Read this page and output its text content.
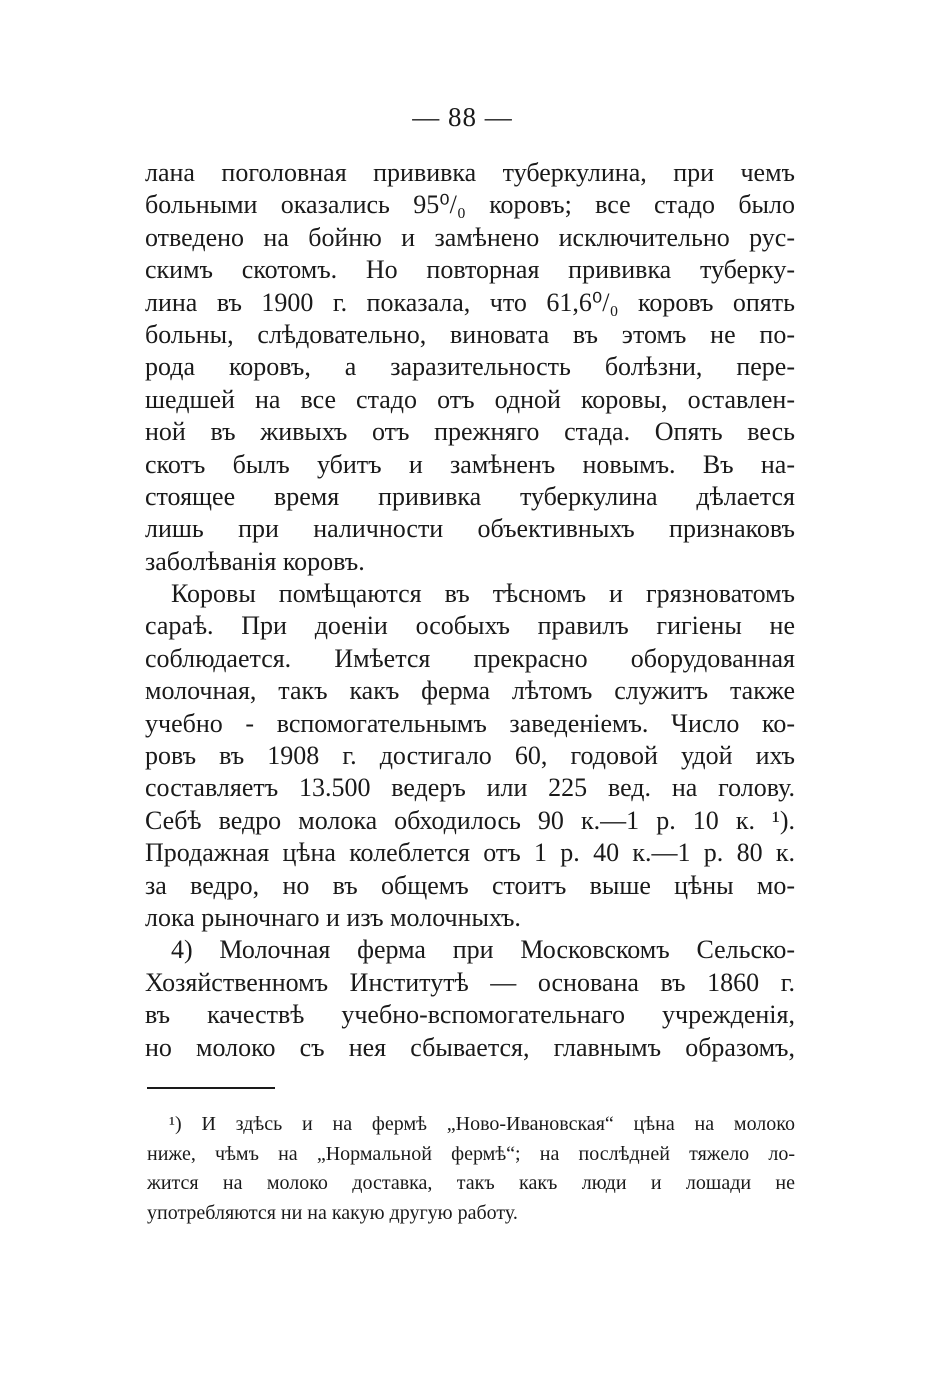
— 88 —
лана поголовная прививка туберкулина, при чемъ
больными оказались 95⁰/₀ коровъ; все стадо было
отведено на бойню и замѣнено исключительно рус-
скимъ скотомъ. Но повторная прививка туберку-
лина въ 1900 г. показала, что 61,6⁰/₀ коровъ опять
больны, слѣдовательно, виновата въ этомъ не по-
рода коровъ, а заразительность болѣзни, пере-
шедшей на все стадо отъ одной коровы, оставлен-
ной въ живыхъ отъ прежняго стада. Опять весь
скотъ былъ убитъ и замѣненъ новымъ. Въ на-
стоящее время прививка туберкулина дѣлается
лишь при наличности объективныхъ признаковъ
заболѣванія коровъ.
Коровы помѣщаются въ тѣсномъ и грязноватомъ
сараѣ. При доеніи особыхъ правилъ гигіены не
соблюдается. Имѣется прекрасно оборудованная
молочная, такъ какъ ферма лѣтомъ служитъ также
учебно - вспомогательнымъ заведеніемъ. Число ко-
ровъ въ 1908 г. достигало 60, годовой удой ихъ
составляетъ 13.500 ведеръ или 225 вед. на голову.
Себѣ ведро молока обходилось 90 к.—1 р. 10 к. ¹).
Продажная цѣна колеблется отъ 1 р. 40 к.—1 р. 80 к.
за ведро, но въ общемъ стоитъ выше цѣны мо-
лока рыночнаго и изъ молочныхъ.
4) Молочная ферма при Московскомъ Сельско-
Хозяйственномъ Институтѣ — основана въ 1860 г.
въ качествѣ учебно-вспомогательнаго учрежденія,
но молоко съ нея сбывается, главнымъ образомъ,
¹) И здѣсь и на фермѣ „Ново-Ивановская“ цѣна на молоко
ниже, чѣмъ на „Нормальной фермѣ“; на послѣдней тяжело ло-
жится на молоко доставка, такъ какъ люди и лошади не
употребляются ни на какую другую работу.
